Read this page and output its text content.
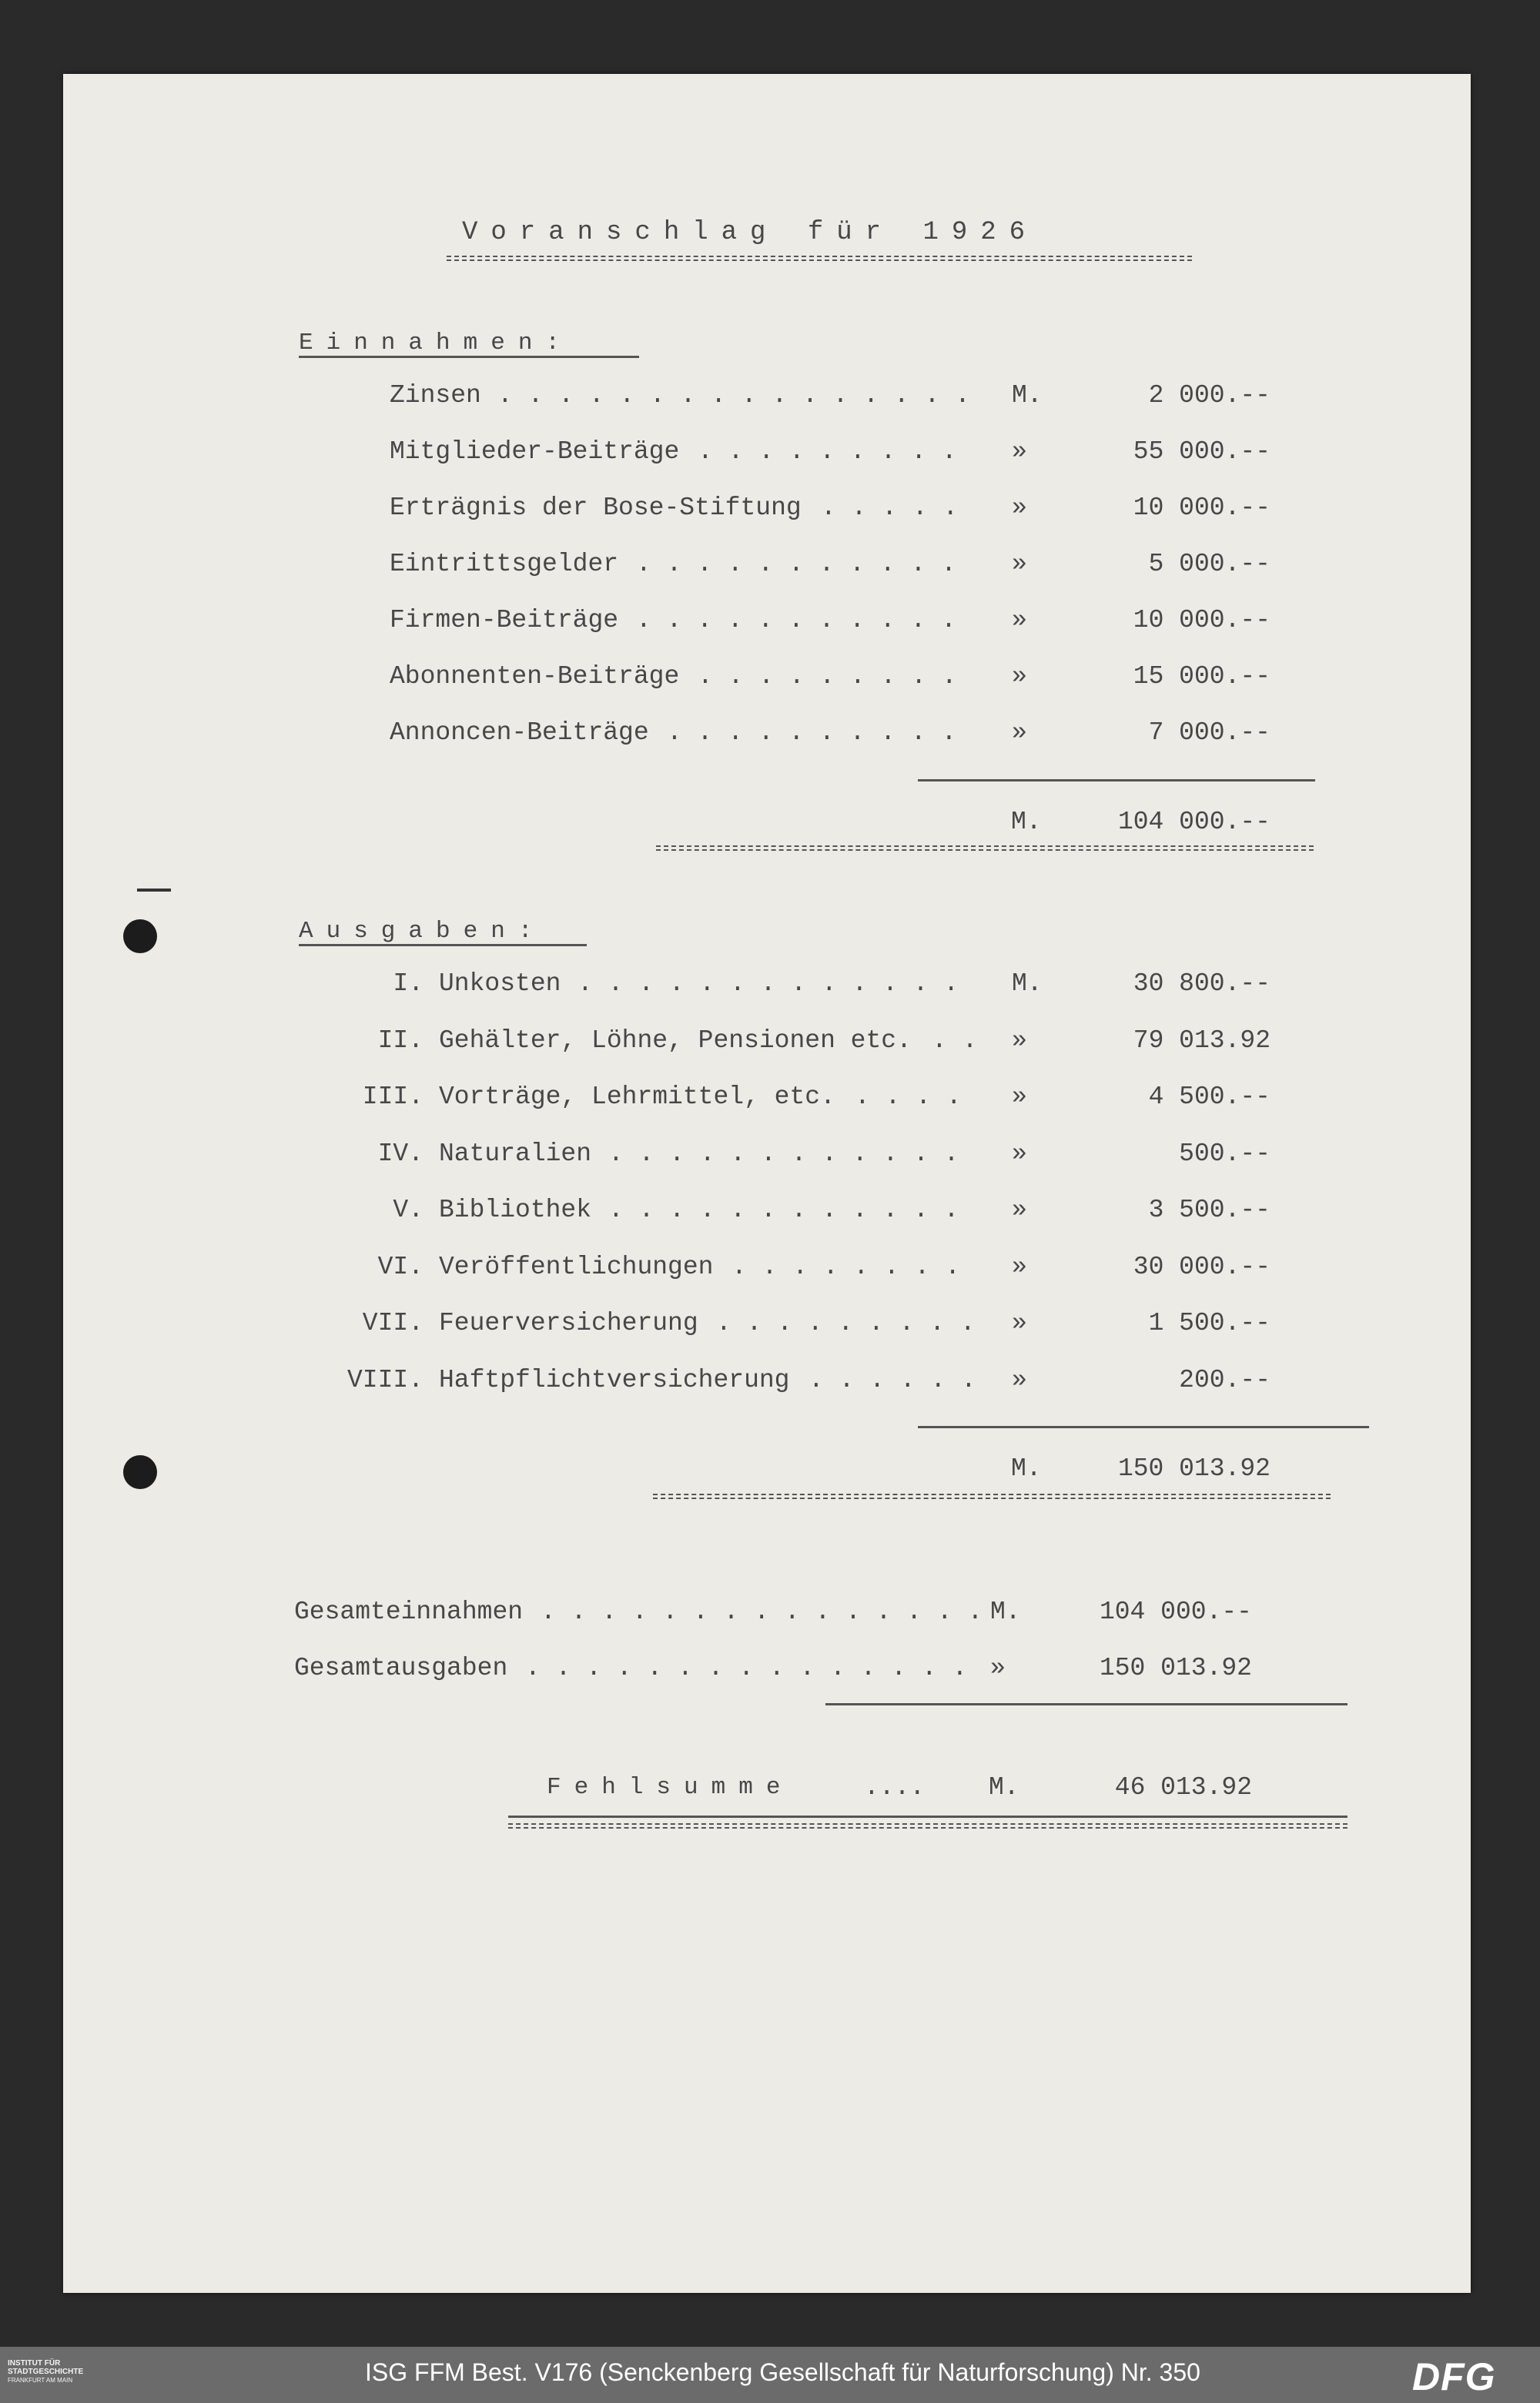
Voranschlag für 1926
Einnahmen:
Zinsen . . . . . . . . . . . . . . . . M.	2 000.--
Mitglieder-Beiträge . . . . . . . . . »	55 000.--
Erträgnis der Bose-Stiftung . . . . . »	10 000.--
Eintrittsgelder . . . . . . . . . . . »	5 000.--
Firmen-Beiträge . . . . . . . . . . . »	10 000.--
Abonnenten-Beiträge . . . . . . . . . »	15 000.--
Annoncen-Beiträge . . . . . . . . . . »	7 000.--
M.	104 000.--
Ausgaben:
I. Unkosten . . . . . . . . . . . . . M.	30 800.--
II. Gehälter, Löhne, Pensionen etc. . . »	79 013.92
III. Vorträge, Lehrmittel, etc. . . . . »	4 500.--
IV. Naturalien . . . . . . . . . . . . »	500.--
V. Bibliothek . . . . . . . . . . . . »	3 500.--
VI. Veröffentlichungen . . . . . . . . »	30 000.--
VII. Feuerversicherung . . . . . . . . . »	1 500.--
VIII. Haftpflichtversicherung . . . . . . »	200.--
M.	150 013.92
Gesamteinnahmen . . . . . . . . . . . . . . . M.	104 000.--
Gesamtausgaben . . . . . . . . . . . . . . . »	150 013.92
Fehlsumme	....	M.	46 013.92
INSTITUT FÜR
STADTGESCHICHTE
FRANKFURT AM MAIN	ISG FFM Best. V176 (Senckenberg Gesellschaft für Naturforschung) Nr. 350	DFG
